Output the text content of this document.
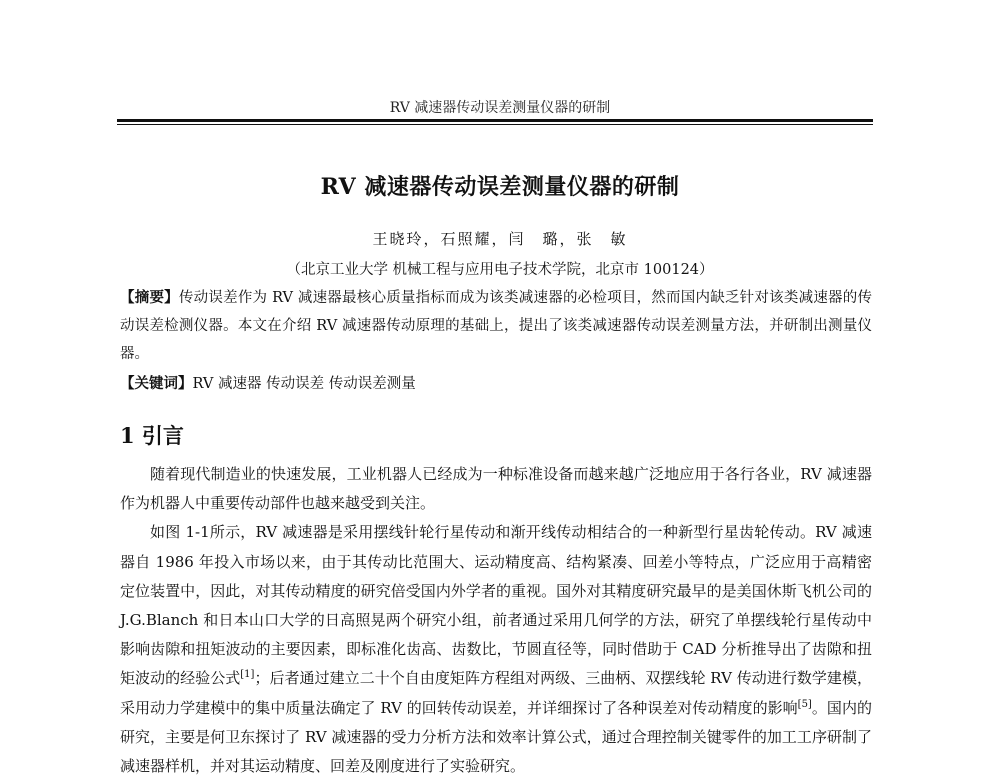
RV 减速器传动误差测量仪器的研制
RV 减速器传动误差测量仪器的研制
王晓玲，石照耀，闫　璐，张　敏
（北京工业大学 机械工程与应用电子技术学院，北京市 100124）
【摘要】传动误差作为 RV 减速器最核心质量指标而成为该类减速器的必检项目，然而国内缺乏针对该类减速器的传动误差检测仪器。本文在介绍 RV 减速器传动原理的基础上，提出了该类减速器传动误差测量方法，并研制出测量仪器。
【关键词】RV 减速器 传动误差 传动误差测量
1 引言

随着现代制造业的快速发展，工业机器人已经成为一种标准设备而越来越广泛地应用于各行各业，RV 减速器作为机器人中重要传动部件也越来越受到关注。

如图 1-1所示，RV 减速器是采用摆线针轮行星传动和渐开线传动相结合的一种新型行星齿轮传动。RV 减速器自 1986 年投入市场以来，由于其传动比范围大、运动精度高、结构紧凑、回差小等特点，广泛应用于高精密定位装置中，因此，对其传动精度的研究倍受国内外学者的重视。国外对其精度研究最早的是美国休斯飞机公司的 J.G.Blanch 和日本山口大学的日高照晃两个研究小组，前者通过采用几何学的方法，研究了单摆线轮行星传动中影响齿隙和扭矩波动的主要因素，即标准化齿高、齿数比，节圆直径等，同时借助于 CAD 分析推导出了齿隙和扭矩波动的经验公式[1]；后者通过建立二十个自由度矩阵方程组对两级、三曲柄、双摆线轮 RV 传动进行数学建模，采用动力学建模中的集中质量法确定了 RV 的回转传动误差，并详细探讨了各种误差对传动精度的影响[5]。国内的研究，主要是何卫东探讨了 RV 减速器的受力分析方法和效率计算公式，通过合理控制关键零件的加工工序研制了减速器样机，并对其运动精度、回差及刚度进行了实验研究。
